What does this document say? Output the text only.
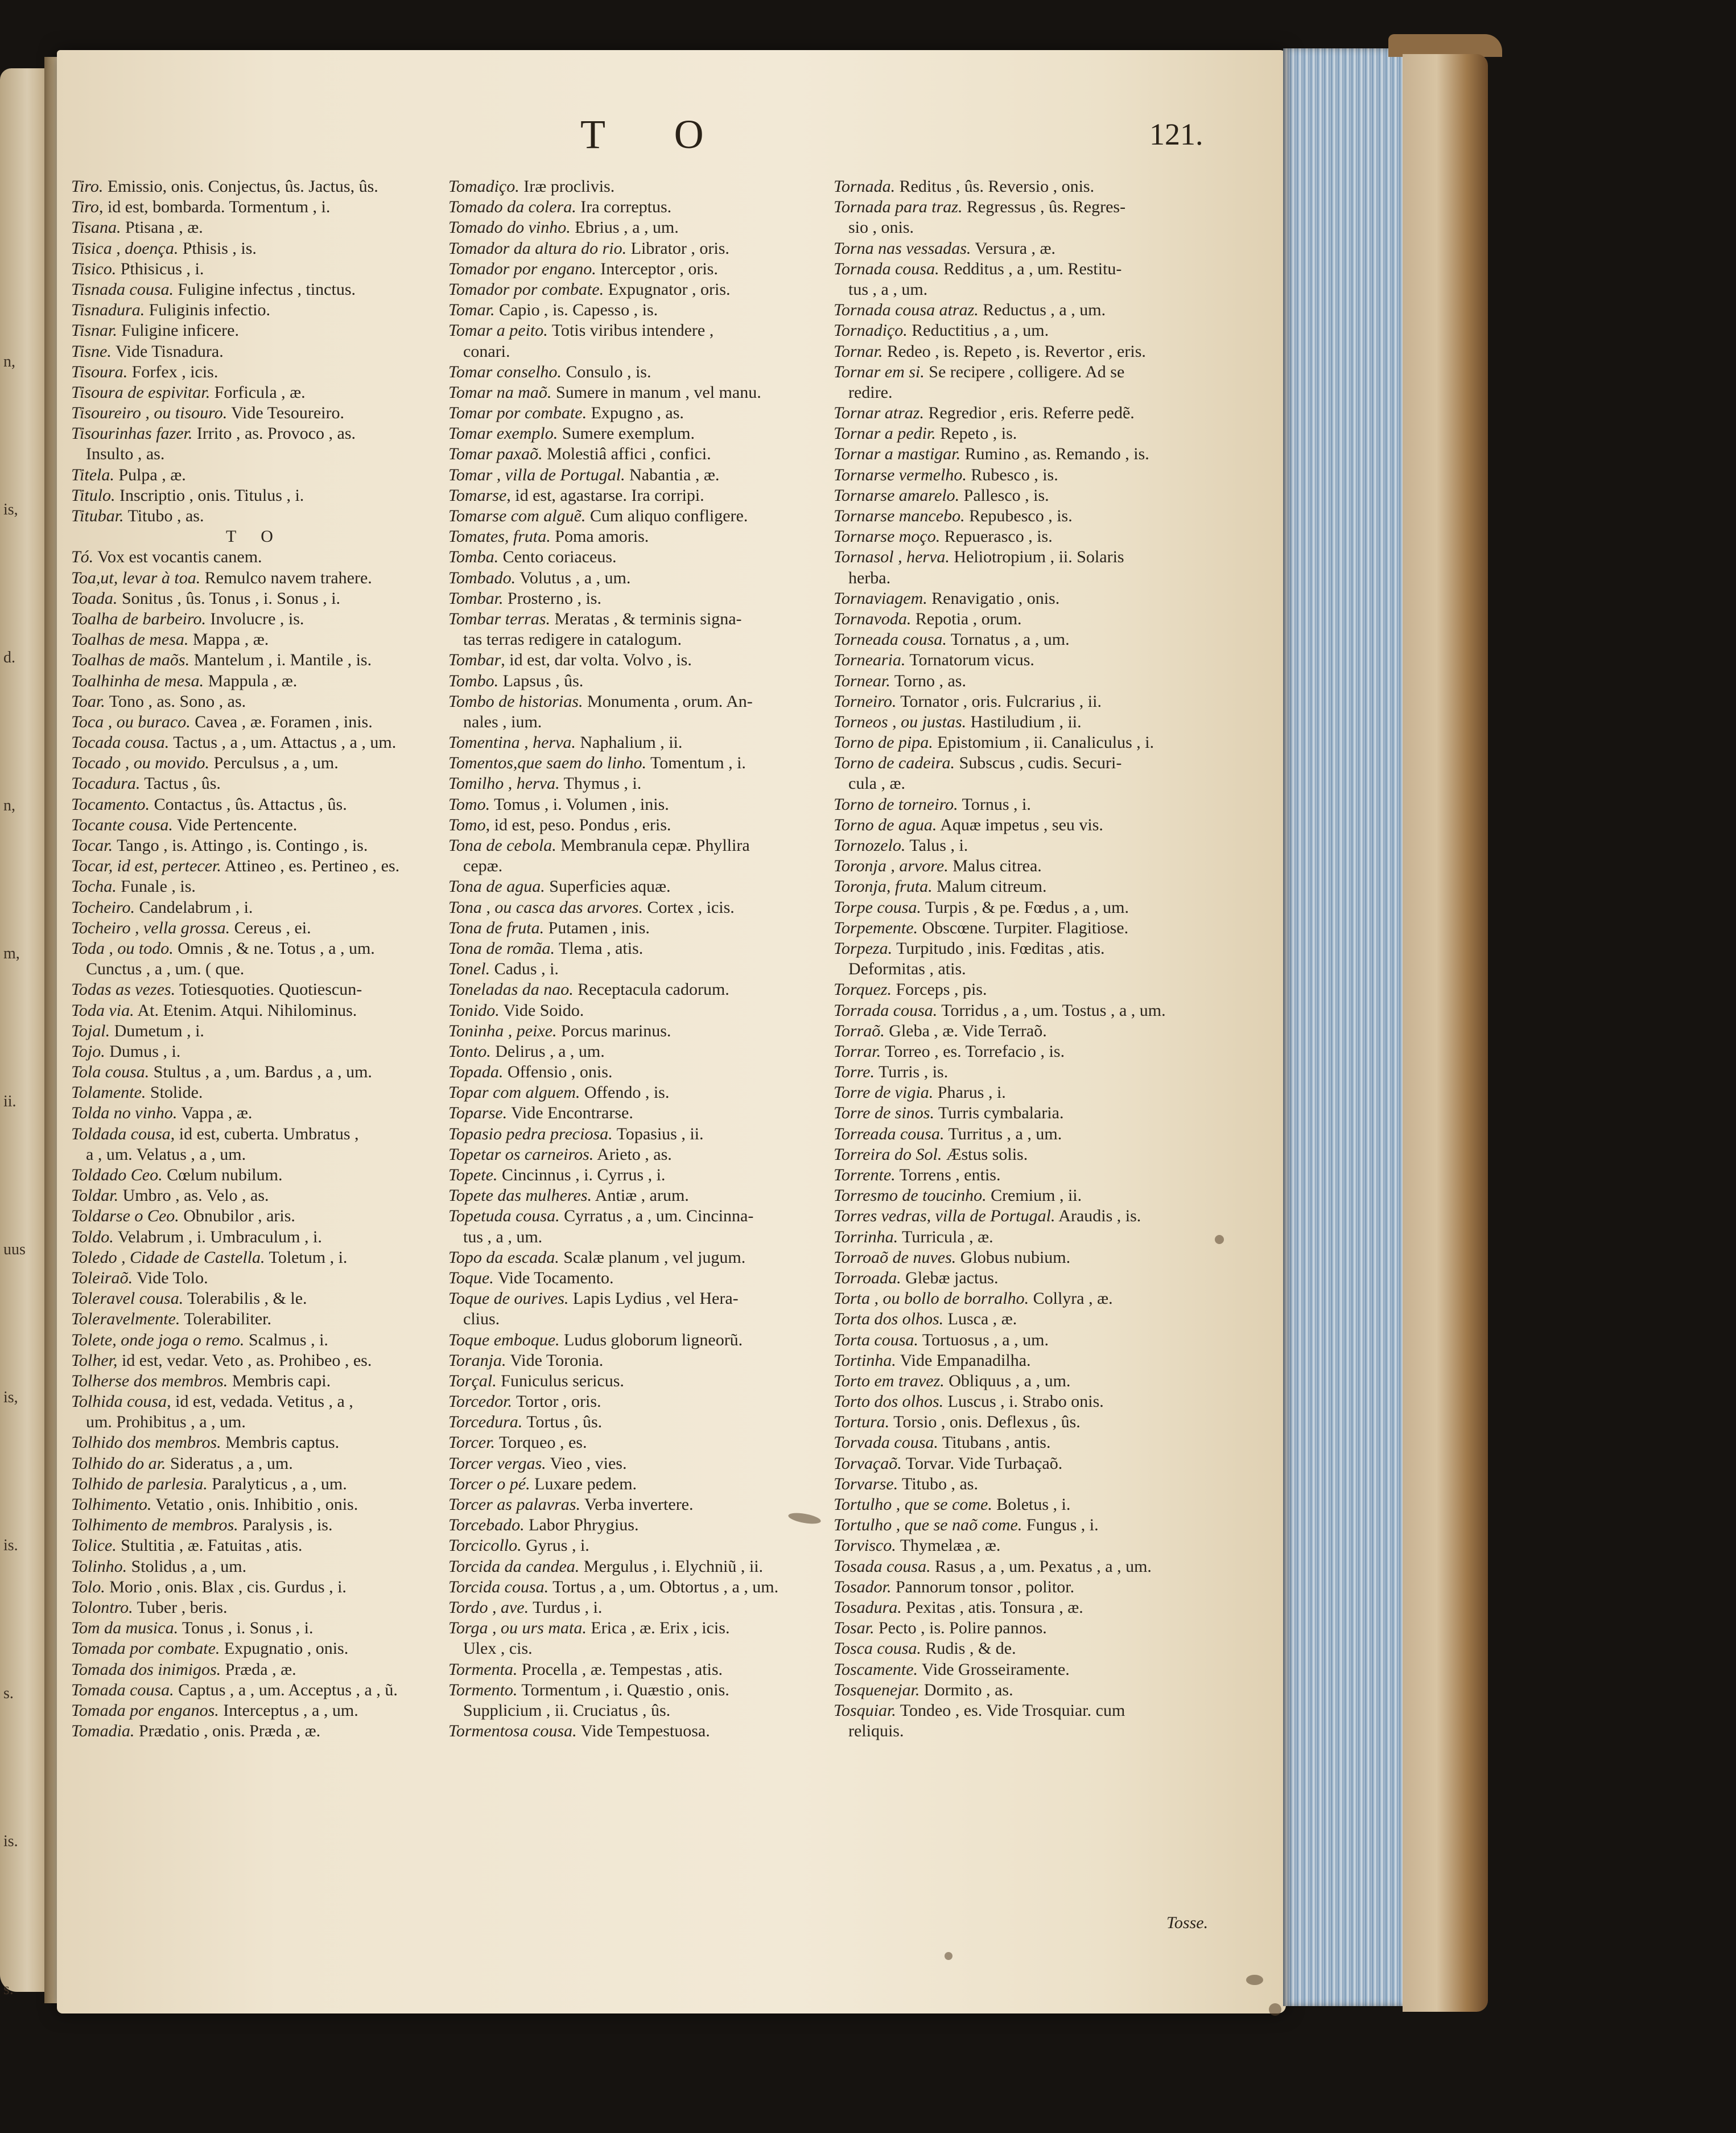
n,
is,
d.
n,
m,
ii.
uus
is,
is.
s.
is.
s.
T O	121.
Tiro. Emissio, onis. Conjectus, ûs. Jactus, ûs.
Tiro, id est, bombarda. Tormentum , i.
Tisana. Ptisana , æ.
Tisica , doença. Pthisis , is.
Tisico. Pthisicus , i.
Tisnada cousa. Fuligine infectus , tinctus.
Tisnadura. Fuliginis infectio.
Tisnar. Fuligine inficere.
Tisne. Vide Tisnadura.
Tisoura. Forfex , icis.
Tisoura de espivitar. Forficula , æ.
Tisoureiro , ou tisouro. Vide Tesoureiro.
Tisourinhas fazer. Irrito , as. Provoco , as.
Insulto , as.
Titela. Pulpa , æ.
Titulo. Inscriptio , onis. Titulus , i.
Titubar. Titubo , as.
T O
Tó. Vox est vocantis canem.
Toa,ut, levar à toa. Remulco navem trahere.
Toada. Sonitus , ûs. Tonus , i. Sonus , i.
Toalha de barbeiro. Involucre , is.
Toalhas de mesa. Mappa , æ.
Toalhas de maõs. Mantelum , i. Mantile , is.
Toalhinha de mesa. Mappula , æ.
Toar. Tono , as. Sono , as.
Toca , ou buraco. Cavea , æ. Foramen , inis.
Tocada cousa. Tactus , a , um. Attactus , a , um.
Tocado , ou movido. Perculsus , a , um.
Tocadura. Tactus , ûs.
Tocamento. Contactus , ûs. Attactus , ûs.
Tocante cousa. Vide Pertencente.
Tocar. Tango , is. Attingo , is. Contingo , is.
Tocar, id est, pertecer. Attineo , es. Pertineo , es.
Tocha. Funale , is.
Tocheiro. Candelabrum , i.
Tocheiro , vella grossa. Cereus , ei.
Toda , ou todo. Omnis , & ne. Totus , a , um.
Cunctus , a , um. ( que.
Todas as vezes. Totiesquoties. Quotiescun-
Toda via. At. Etenim. Atqui. Nihilominus.
Tojal. Dumetum , i.
Tojo. Dumus , i.
Tola cousa. Stultus , a , um. Bardus , a , um.
Tolamente. Stolide.
Tolda no vinho. Vappa , æ.
Toldada cousa, id est, cuberta. Umbratus ,
a , um. Velatus , a , um.
Toldado Ceo. Cœlum nubilum.
Toldar. Umbro , as. Velo , as.
Toldarse o Ceo. Obnubilor , aris.
Toldo. Velabrum , i. Umbraculum , i.
Toledo , Cidade de Castella. Toletum , i.
Toleiraõ. Vide Tolo.
Toleravel cousa. Tolerabilis , & le.
Toleravelmente. Tolerabiliter.
Tolete, onde joga o remo. Scalmus , i.
Tolher, id est, vedar. Veto , as. Prohibeo , es.
Tolherse dos membros. Membris capi.
Tolhida cousa, id est, vedada. Vetitus , a ,
um. Prohibitus , a , um.
Tolhido dos membros. Membris captus.
Tolhido do ar. Sideratus , a , um.
Tolhido de parlesia. Paralyticus , a , um.
Tolhimento. Vetatio , onis. Inhibitio , onis.
Tolhimento de membros. Paralysis , is.
Tolice. Stultitia , æ. Fatuitas , atis.
Tolinho. Stolidus , a , um.
Tolo. Morio , onis. Blax , cis. Gurdus , i.
Tolontro. Tuber , beris.
Tom da musica. Tonus , i. Sonus , i.
Tomada por combate. Expugnatio , onis.
Tomada dos inimigos. Præda , æ.
Tomada cousa. Captus , a , um. Acceptus , a , ũ.
Tomada por enganos. Interceptus , a , um.
Tomadia. Prædatio , onis. Præda , æ.
Tomadiço. Iræ proclivis.
Tomado da colera. Ira correptus.
Tomado do vinho. Ebrius , a , um.
Tomador da altura do rio. Librator , oris.
Tomador por engano. Interceptor , oris.
Tomador por combate. Expugnator , oris.
Tomar. Capio , is. Capesso , is.
Tomar a peito. Totis viribus intendere ,
conari.
Tomar conselho. Consulo , is.
Tomar na maõ. Sumere in manum , vel manu.
Tomar por combate. Expugno , as.
Tomar exemplo. Sumere exemplum.
Tomar paxaõ. Molestiâ affici , confici.
Tomar , villa de Portugal. Nabantia , æ.
Tomarse, id est, agastarse. Ira corripi.
Tomarse com alguẽ. Cum aliquo confligere.
Tomates, fruta. Poma amoris.
Tomba. Cento coriaceus.
Tombado. Volutus , a , um.
Tombar. Prosterno , is.
Tombar terras. Meratas , & terminis signa-
tas terras redigere in catalogum.
Tombar, id est, dar volta. Volvo , is.
Tombo. Lapsus , ûs.
Tombo de historias. Monumenta , orum. An-
nales , ium.
Tomentina , herva. Naphalium , ii.
Tomentos,que saem do linho. Tomentum , i.
Tomilho , herva. Thymus , i.
Tomo. Tomus , i. Volumen , inis.
Tomo, id est, peso. Pondus , eris.
Tona de cebola. Membranula cepæ. Phyllira
cepæ.
Tona de agua. Superficies aquæ.
Tona , ou casca das arvores. Cortex , icis.
Tona de fruta. Putamen , inis.
Tona de romãa. Tlema , atis.
Tonel. Cadus , i.
Toneladas da nao. Receptacula cadorum.
Tonido. Vide Soido.
Toninha , peixe. Porcus marinus.
Tonto. Delirus , a , um.
Topada. Offensio , onis.
Topar com alguem. Offendo , is.
Toparse. Vide Encontrarse.
Topasio pedra preciosa. Topasius , ii.
Topetar os carneiros. Arieto , as.
Topete. Cincinnus , i. Cyrrus , i.
Topete das mulheres. Antiæ , arum.
Topetuda cousa. Cyrratus , a , um. Cincinna-
tus , a , um.
Topo da escada. Scalæ planum , vel jugum.
Toque. Vide Tocamento.
Toque de ourives. Lapis Lydius , vel Hera-
clius.
Toque emboque. Ludus globorum ligneorũ.
Toranja. Vide Toronia.
Torçal. Funiculus sericus.
Torcedor. Tortor , oris.
Torcedura. Tortus , ûs.
Torcer. Torqueo , es.
Torcer vergas. Vieo , vies.
Torcer o pé. Luxare pedem.
Torcer as palavras. Verba invertere.
Torcebado. Labor Phrygius.
Torcicollo. Gyrus , i.
Torcida da candea. Mergulus , i. Elychniũ , ii.
Torcida cousa. Tortus , a , um. Obtortus , a , um.
Tordo , ave. Turdus , i.
Torga , ou urs mata. Erica , æ. Erix , icis.
Ulex , cis.
Tormenta. Procella , æ. Tempestas , atis.
Tormento. Tormentum , i. Quæstio , onis.
Supplicium , ii. Cruciatus , ûs.
Tormentosa cousa. Vide Tempestuosa.
Tornada. Reditus , ûs. Reversio , onis.
Tornada para traz. Regressus , ûs. Regres-
sio , onis.
Torna nas vessadas. Versura , æ.
Tornada cousa. Redditus , a , um. Restitu-
tus , a , um.
Tornada cousa atraz. Reductus , a , um.
Tornadiço. Reductitius , a , um.
Tornar. Redeo , is. Repeto , is. Revertor , eris.
Tornar em si. Se recipere , colligere. Ad se
redire.
Tornar atraz. Regredior , eris. Referre pedẽ.
Tornar a pedir. Repeto , is.
Tornar a mastigar. Rumino , as. Remando , is.
Tornarse vermelho. Rubesco , is.
Tornarse amarelo. Pallesco , is.
Tornarse mancebo. Repubesco , is.
Tornarse moço. Repuerasco , is.
Tornasol , herva. Heliotropium , ii. Solaris
herba.
Tornaviagem. Renavigatio , onis.
Tornavoda. Repotia , orum.
Torneada cousa. Tornatus , a , um.
Tornearia. Tornatorum vicus.
Tornear. Torno , as.
Torneiro. Tornator , oris. Fulcrarius , ii.
Torneos , ou justas. Hastiludium , ii.
Torno de pipa. Epistomium , ii. Canaliculus , i.
Torno de cadeira. Subscus , cudis. Securi-
cula , æ.
Torno de torneiro. Tornus , i.
Torno de agua. Aquæ impetus , seu vis.
Tornozelo. Talus , i.
Toronja , arvore. Malus citrea.
Toronja, fruta. Malum citreum.
Torpe cousa. Turpis , & pe. Fœdus , a , um.
Torpemente. Obscœne. Turpiter. Flagitiose.
Torpeza. Turpitudo , inis. Fœditas , atis.
Deformitas , atis.
Torquez. Forceps , pis.
Torrada cousa. Torridus , a , um. Tostus , a , um.
Torraõ. Gleba , æ. Vide Terraõ.
Torrar. Torreo , es. Torrefacio , is.
Torre. Turris , is.
Torre de vigia. Pharus , i.
Torre de sinos. Turris cymbalaria.
Torreada cousa. Turritus , a , um.
Torreira do Sol. Æstus solis.
Torrente. Torrens , entis.
Torresmo de toucinho. Cremium , ii.
Torres vedras, villa de Portugal. Araudis , is.
Torrinha. Turricula , æ.
Torroaõ de nuves. Globus nubium.
Torroada. Glebæ jactus.
Torta , ou bollo de borralho. Collyra , æ.
Torta dos olhos. Lusca , æ.
Torta cousa. Tortuosus , a , um.
Tortinha. Vide Empanadilha.
Torto em travez. Obliquus , a , um.
Torto dos olhos. Luscus , i. Strabo onis.
Tortura. Torsio , onis. Deflexus , ûs.
Torvada cousa. Titubans , antis.
Torvaçaõ. Torvar. Vide Turbaçaõ.
Torvarse. Titubo , as.
Tortulho , que se come. Boletus , i.
Tortulho , que se naõ come. Fungus , i.
Torvisco. Thymelæa , æ.
Tosada cousa. Rasus , a , um. Pexatus , a , um.
Tosador. Pannorum tonsor , politor.
Tosadura. Pexitas , atis. Tonsura , æ.
Tosar. Pecto , is. Polire pannos.
Tosca cousa. Rudis , & de.
Toscamente. Vide Grosseiramente.
Tosquenejar. Dormito , as.
Tosquiar. Tondeo , es. Vide Trosquiar. cum
reliquis.
Tosse.
